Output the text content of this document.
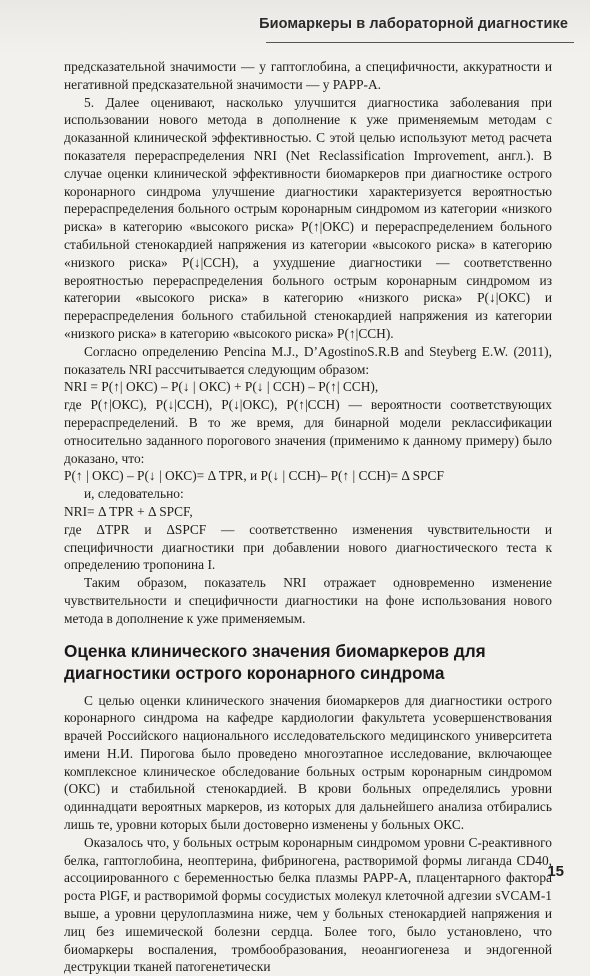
Биомаркеры в лабораторной диагностике

предсказательной значимости — у гаптоглобина, а специфичности, аккуратности и негативной предсказательной значимости — у PAPP-A.

5. Далее оценивают, насколько улучшится диагностика заболевания при использовании нового метода в дополнение к уже применяемым методам с доказанной клинической эффективностью. С этой целью используют метод расчета показателя перераспределения NRI (Net Reclassification Improvement, англ.). В случае оценки клинической эффективности биомаркеров при диагностике острого коронарного синдрома улучшение диагностики характеризуется вероятностью перераспределения больного острым коронарным синдромом из категории «низкого риска» в категорию «высокого риска» P(↑|ОКС) и перераспределением больного стабильной стенокардией напряжения из категории «высокого риска» в категорию «низкого риска» P(↓|ССН), а ухудшение диагностики — соответственно вероятностью перераспределения больного острым коронарным синдромом из категории «высокого риска» в категорию «низкого риска» P(↓|ОКС) и перераспределения больного стабильной стенокардией напряжения из категории «низкого риска» в категорию «высокого риска» P(↑|ССН).

Согласно определению Pencina M.J., D’AgostinoS.R.B and Steyberg E.W. (2011), показатель NRI рассчитывается следующим образом:

NRI = P(↑| ОКС) – P(↓ | ОКС) + P(↓ | ССН) – P(↑| ССН),

где P(↑|ОКС), P(↓|ССН), P(↓|ОКС), P(↑|ССН) — вероятности соответствующих перераспределений. В то же время, для бинарной модели реклассификации относительно заданного порогового значения (применимо к данному примеру) было доказано, что:

P(↑ | ОКС) – P(↓ | ОКС)= Δ TPR, и P(↓ | ССН)– P(↑ | ССН)= Δ SPCF

и, следовательно:

NRI= Δ TPR + Δ SPCF,

где ΔTPR и ΔSPCF — соответственно изменения чувствительности и специфичности диагностики при добавлении нового диагностического теста к определению тропонина I.

Таким образом, показатель NRI отражает одновременно изменение чувствительности и специфичности диагностики на фоне использования нового метода в дополнение к уже применяемым.

Оценка клинического значения биомаркеров для диагностики острого коронарного синдрома

С целью оценки клинического значения биомаркеров для диагностики острого коронарного синдрома на кафедре кардиологии факультета усовершенствования врачей Российского национального исследовательского медицинского университета имени Н.И. Пирогова было проведено многоэтапное исследование, включающее комплексное клиническое обследование больных острым коронарным синдромом (ОКС) и стабильной стенокардией. В крови больных определялись уровни одиннадцати вероятных маркеров, из которых для дальнейшего анализа отбирались лишь те, уровни которых были достоверно изменены у больных ОКС.

Оказалось что, у больных острым коронарным синдромом уровни С-реактивного белка, гаптоглобина, неоптерина, фибриногена, растворимой формы лиганда CD40, ассоциированного с беременностью белка плазмы PAPP-A, плацентарного фактора роста PlGF, и растворимой формы сосудистых молекул клеточной адгезии sVCAM-1 выше, а уровни церулоплазмина ниже, чем у больных стенокардией напряжения и лиц без ишемической болезни сердца. Более того, было установлено, что биомаркеры воспаления, тромбообразования, неоангиогенеза и эндогенной деструкции тканей патогенетически

15
